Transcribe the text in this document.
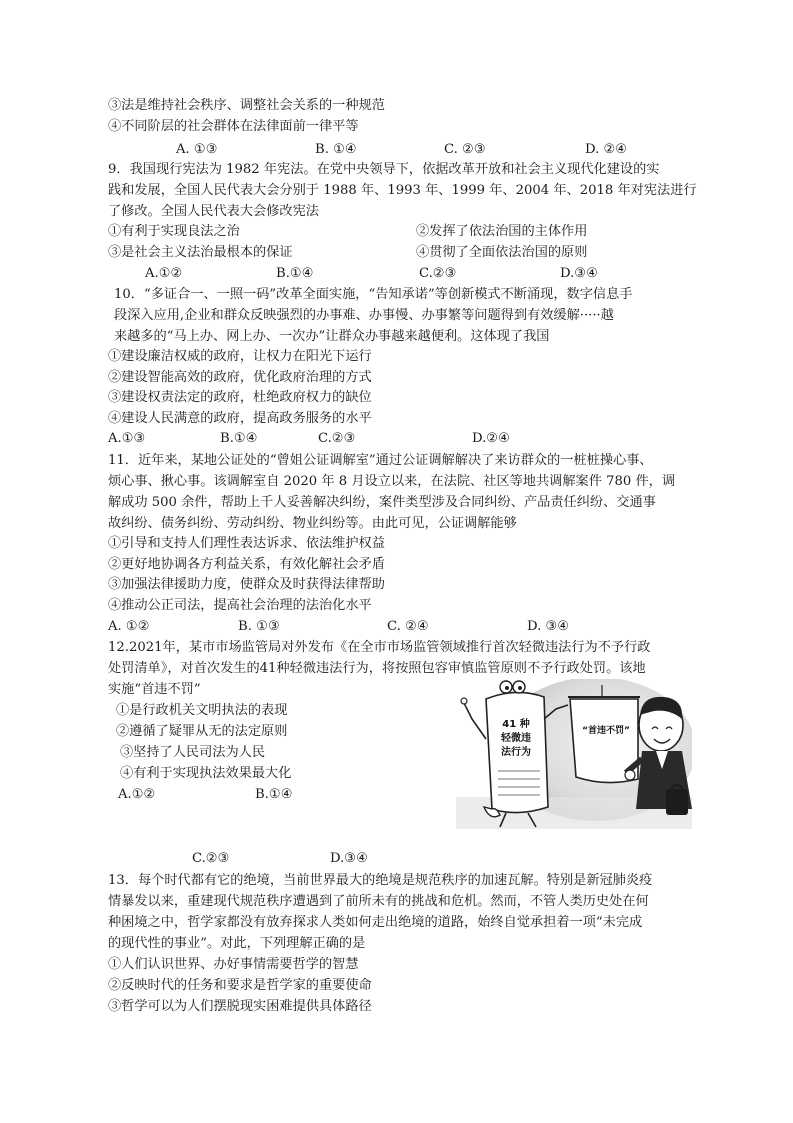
③法是维持社会秩序、调整社会关系的一种规范
④不同阶层的社会群体在法律面前一律平等
A. ①③	B. ①④	C. ②③	D. ②④
9．我国现行宪法为 1982 年宪法。在党中央领导下，依据改革开放和社会主义现代化建设的实
践和发展，全国人民代表大会分别于 1988 年、1993 年、1999 年、2004 年、2018 年对宪法进行
了修改。全国人民代表大会修改宪法
①有利于实现良法之治	②发挥了依法治国的主体作用
③是社会主义法治最根本的保证	④贯彻了全面依法治国的原则
A.①②	B.①④	C.②③	D.③④
10．“多证合一、一照一码”改革全面实施，“告知承诺”等创新模式不断涌现，数字信息手
段深入应用,企业和群众反映强烈的办事难、办事慢、办事繁等问题得到有效缓解·····越
来越多的“马上办、网上办、一次办”让群众办事越来越便利。这体现了我国
①建设廉洁权威的政府，让权力在阳光下运行
②建设智能高效的政府，优化政府治理的方式
③建设权责法定的政府，杜绝政府权力的缺位
④建设人民满意的政府，提高政务服务的水平
A.①③	B.①④	C.②③	D.②④
11．近年来，某地公证处的“曾姐公证调解室”通过公证调解解决了来访群众的一桩桩操心事、
烦心事、揪心事。该调解室自 2020 年 8 月设立以来，在法院、社区等地共调解案件 780 件，调
解成功 500 余件，帮助上千人妥善解决纠纷，案件类型涉及合同纠纷、产品责任纠纷、交通事
故纠纷、债务纠纷、劳动纠纷、物业纠纷等。由此可见，公证调解能够
①引导和支持人们理性表达诉求、依法维护权益
②更好地协调各方利益关系，有效化解社会矛盾
③加强法律援助力度，使群众及时获得法律帮助
④推动公正司法，提高社会治理的法治化水平
A. ①②	B. ①③	C. ②④	D. ③④
12.2021年，某市市场监管局对外发布《在全市市场监管领域推行首次轻微违法行为不予行政
处罚清单》，对首次发生的41种轻微违法行为，将按照包容审慎监管原则不予行政处罚。该地
实施“首违不罚”
①是行政机关文明执法的表现
②遵循了疑罪从无的法定原则
③坚持了人民司法为人民
④有利于实现执法效果最大化
A.①②	B.①④
C.②③	D.③④
41 种
轻微违
法行为
“首违不罚”
13．每个时代都有它的绝境，当前世界最大的绝境是规范秩序的加速瓦解。特别是新冠肺炎疫
情暴发以来，重建现代规范秩序遭遇到了前所未有的挑战和危机。然而，不管人类历史处在何
种困境之中，哲学家都没有放弃探求人类如何走出绝境的道路，始终自觉承担着一项“未完成
的现代性的事业”。对此，下列理解正确的是
①人们认识世界、办好事情需要哲学的智慧
②反映时代的任务和要求是哲学家的重要使命
③哲学可以为人们摆脱现实困难提供具体路径
